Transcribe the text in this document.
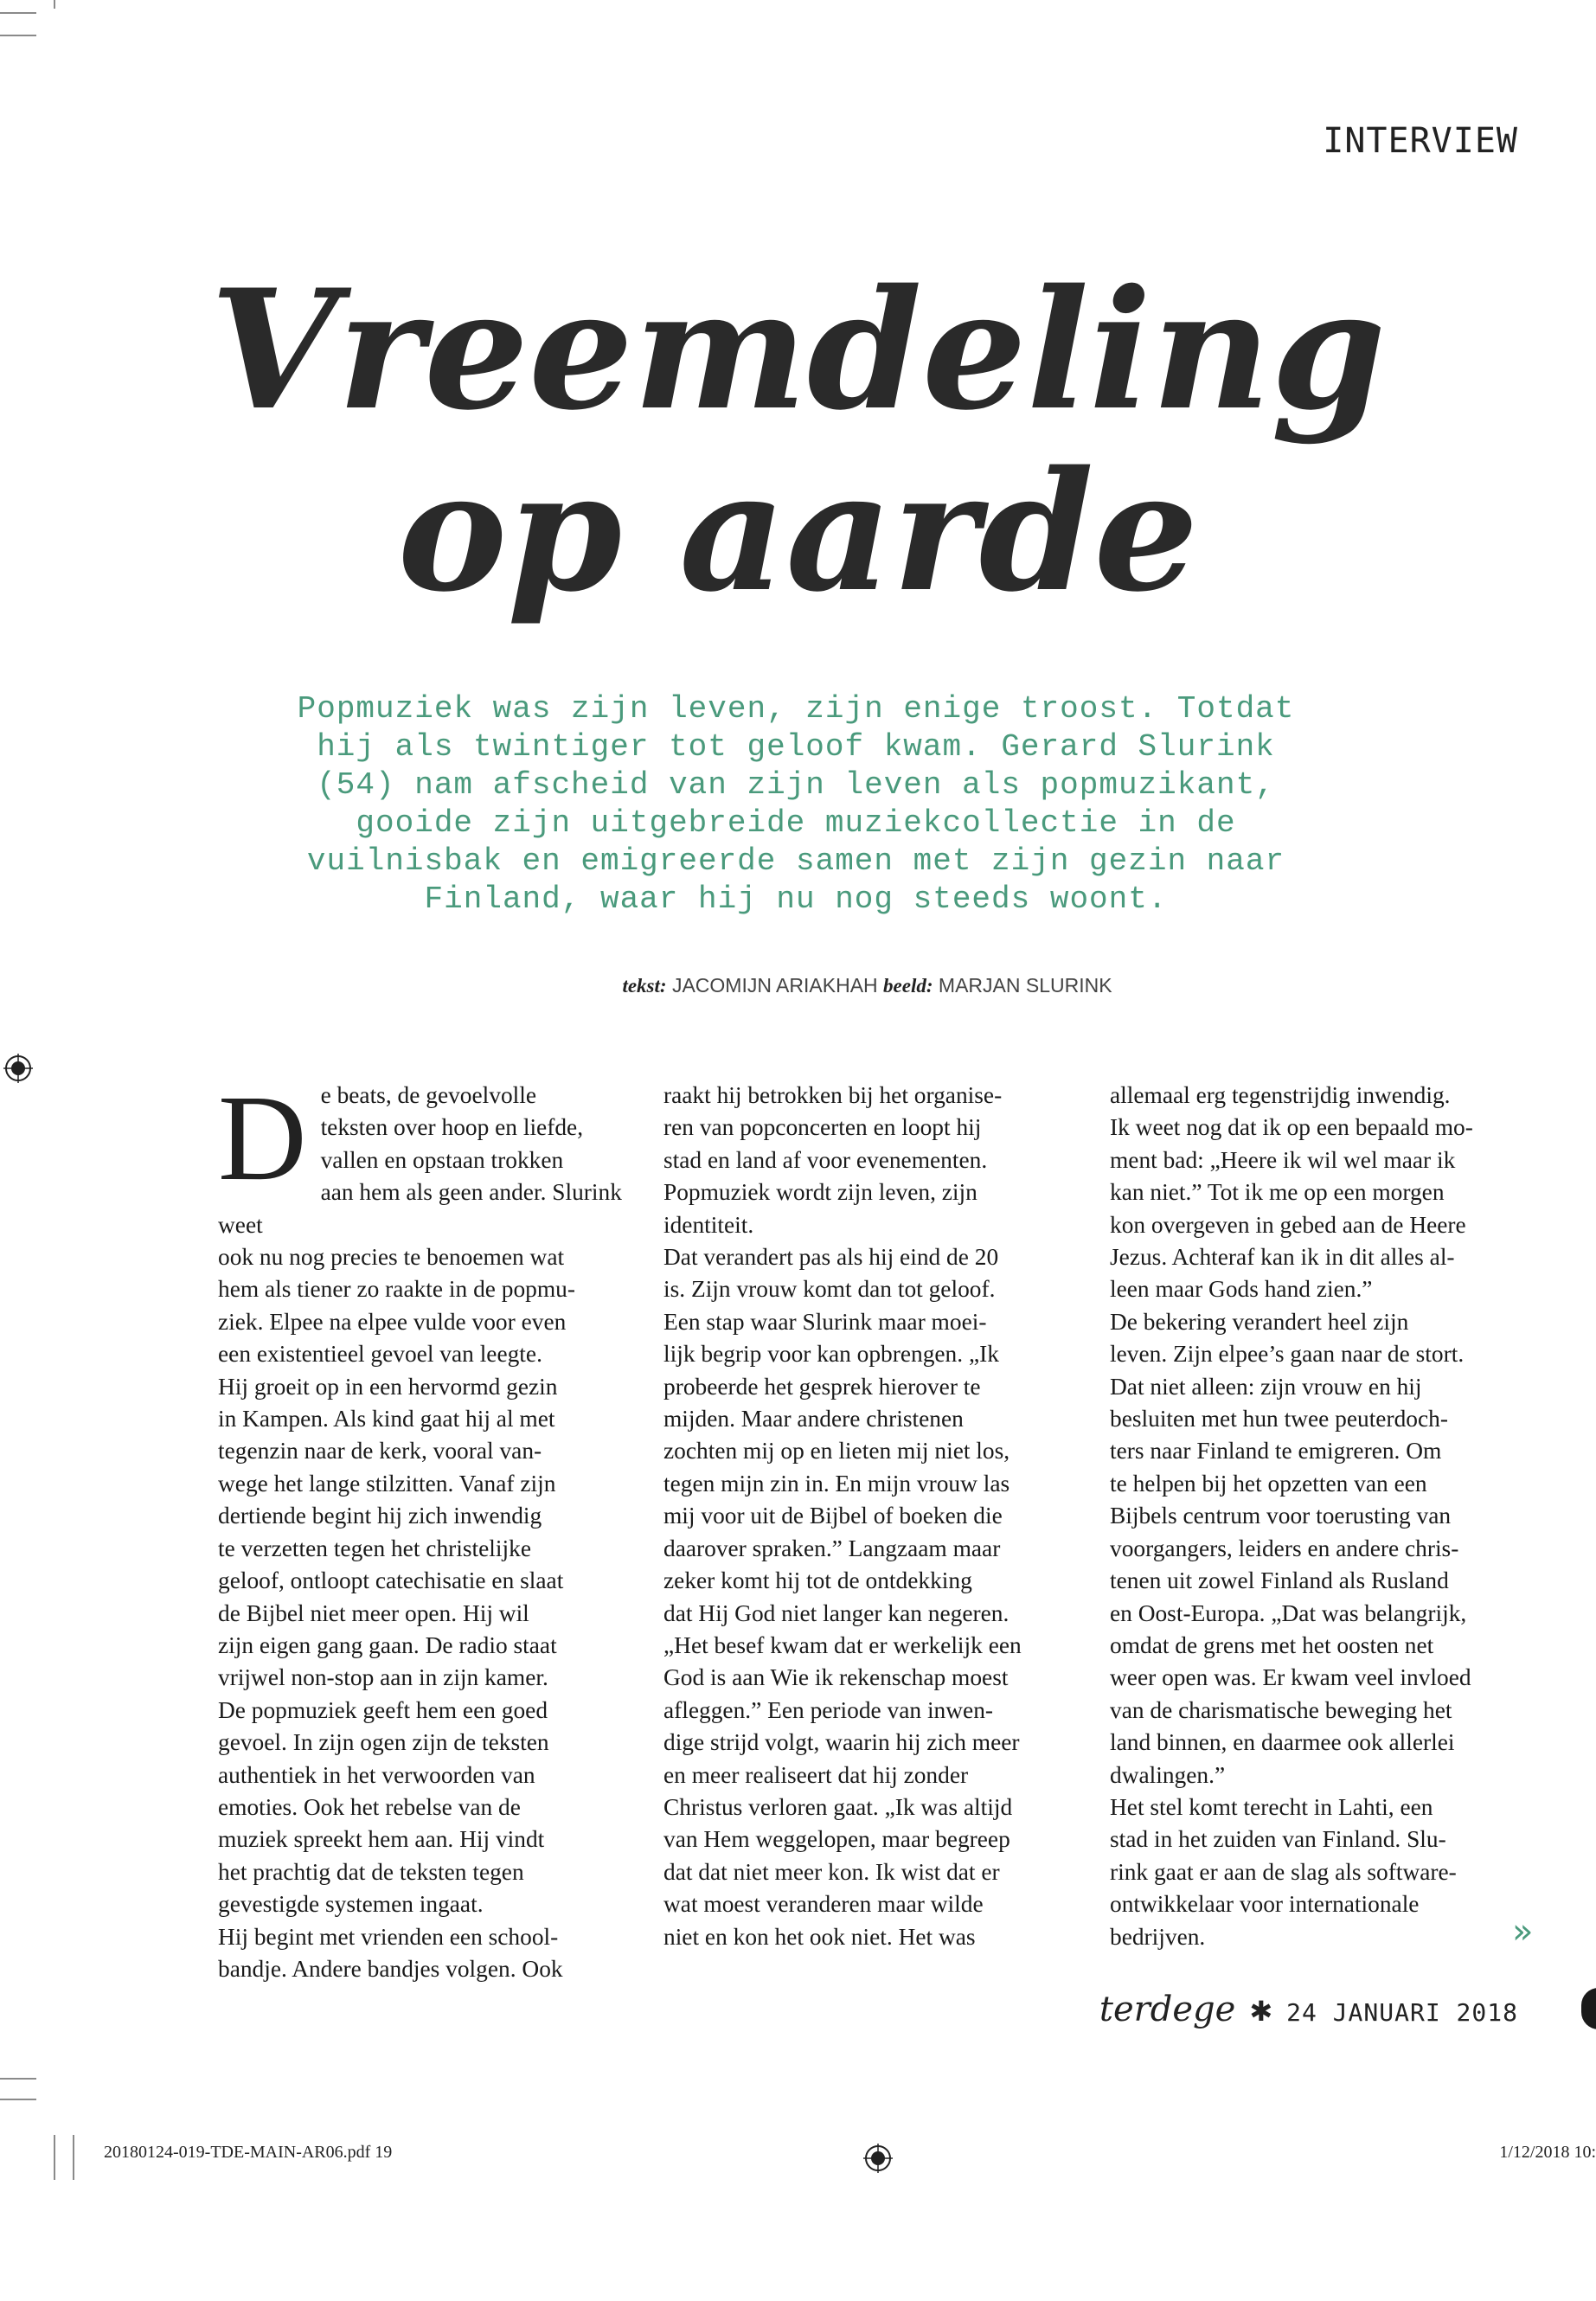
INTERVIEW
Vreemdeling
op aarde

Popmuziek was zijn leven, zijn enige troost. Totdat hij als twintiger tot geloof kwam. Gerard Slurink (54) nam afscheid van zijn leven als popmuzikant, gooide zijn uitgebreide muziekcollectie in de vuilnisbak en emigreerde samen met zijn gezin naar Finland, waar hij nu nog steeds woont.

tekst: JACOMIJN ARIAKHAH beeld: MARJAN SLURINK
De beats, de gevoelvolle
teksten over hoop en liefde,
vallen en opstaan trokken
aan hem als geen ander. Slurink weet
ook nu nog precies te benoemen wat
hem als tiener zo raakte in de popmu-
ziek. Elpee na elpee vulde voor even
een existentieel gevoel van leegte.
Hij groeit op in een hervormd gezin
in Kampen. Als kind gaat hij al met
tegenzin naar de kerk, vooral van-
wege het lange stilzitten. Vanaf zijn
dertiende begint hij zich inwendig
te verzetten tegen het christelijke
geloof, ontloopt catechisatie en slaat
de Bijbel niet meer open. Hij wil
zijn eigen gang gaan. De radio staat
vrijwel non-stop aan in zijn kamer.
De popmuziek geeft hem een goed
gevoel. In zijn ogen zijn de teksten
authentiek in het verwoorden van
emoties. Ook het rebelse van de
muziek spreekt hem aan. Hij vindt
het prachtig dat de teksten tegen
gevestigde systemen ingaat.
Hij begint met vrienden een school-
bandje. Andere bandjes volgen. Ook
raakt hij betrokken bij het organise-
ren van popconcerten en loopt hij
stad en land af voor evenementen.
Popmuziek wordt zijn leven, zijn
identiteit.
Dat verandert pas als hij eind de 20
is. Zijn vrouw komt dan tot geloof.
Een stap waar Slurink maar moei-
lijk begrip voor kan opbrengen. „Ik
probeerde het gesprek hierover te
mijden. Maar andere christenen
zochten mij op en lieten mij niet los,
tegen mijn zin in. En mijn vrouw las
mij voor uit de Bijbel of boeken die
daarover spraken.” Langzaam maar
zeker komt hij tot de ontdekking
dat Hij God niet langer kan negeren.
„Het besef kwam dat er werkelijk een
God is aan Wie ik rekenschap moest
afleggen.” Een periode van inwen-
dige strijd volgt, waarin hij zich meer
en meer realiseert dat hij zonder
Christus verloren gaat. „Ik was altijd
van Hem weggelopen, maar begreep
dat dat niet meer kon. Ik wist dat er
wat moest veranderen maar wilde
niet en kon het ook niet. Het was
allemaal erg tegenstrijdig inwendig.
Ik weet nog dat ik op een bepaald mo-
ment bad: „Heere ik wil wel maar ik
kan niet.” Tot ik me op een morgen
kon overgeven in gebed aan de Heere
Jezus. Achteraf kan ik in dit alles al-
leen maar Gods hand zien.”
De bekering verandert heel zijn
leven. Zijn elpee’s gaan naar de stort.
Dat niet alleen: zijn vrouw en hij
besluiten met hun twee peuterdoch-
ters naar Finland te emigreren. Om
te helpen bij het opzetten van een
Bijbels centrum voor toerusting van
voorgangers, leiders en andere chris-
tenen uit zowel Finland als Rusland
en Oost-Europa. „Dat was belangrijk,
omdat de grens met het oosten net
weer open was. Er kwam veel invloed
van de charismatische beweging het
land binnen, en daarmee ook allerlei
dwalingen.”
Het stel komt terecht in Lahti, een
stad in het zuiden van Finland. Slu-
rink gaat er aan de slag als software-
ontwikkelaar voor internationale
bedrijven.	»
terdege ✱ 24 JANUARI 2018
20180124-019-TDE-MAIN-AR06.pdf 19	1/12/2018 10:
